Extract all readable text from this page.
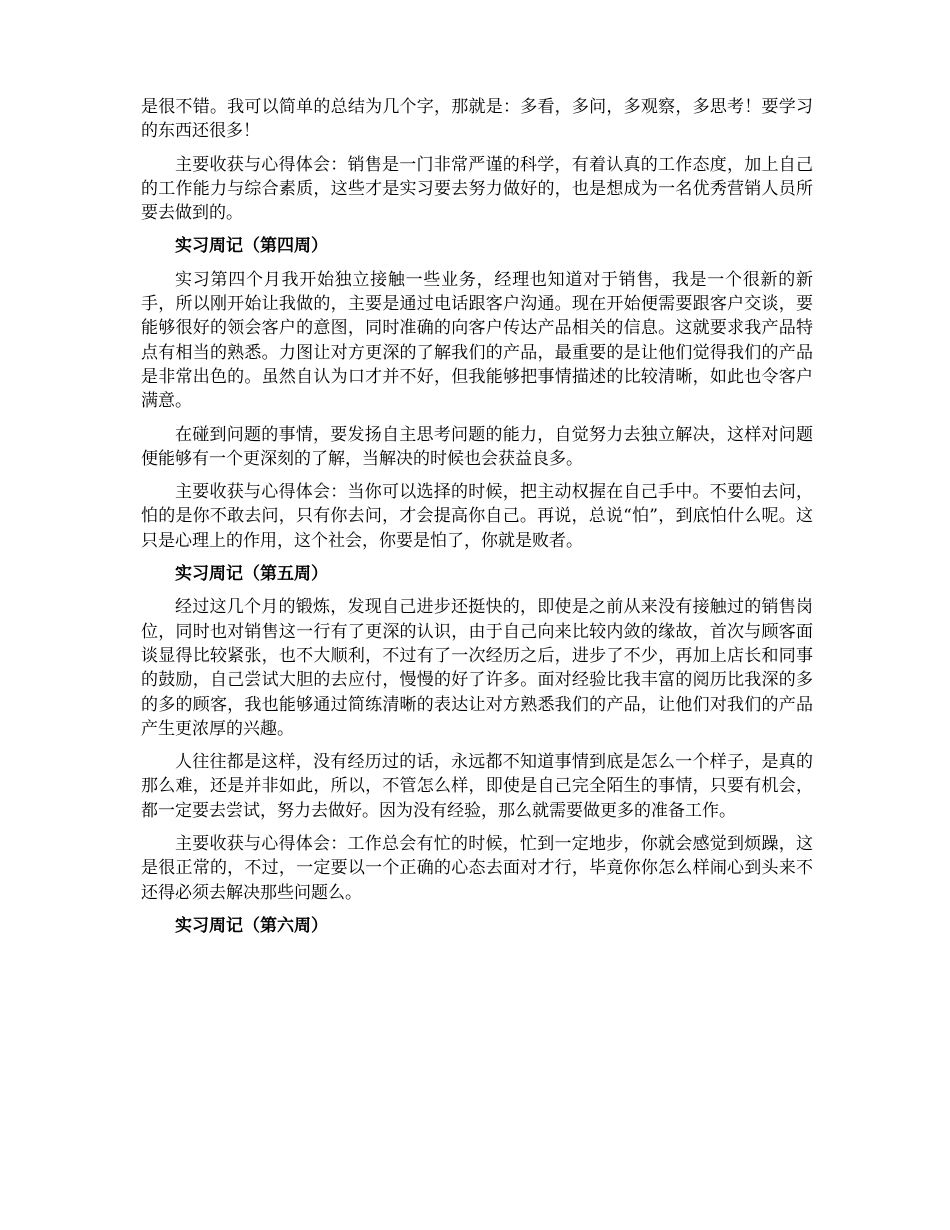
是很不错。我可以简单的总结为几个字，那就是：多看，多问，多观察，多思考！要学习的东西还很多！

主要收获与心得体会：销售是一门非常严谨的科学，有着认真的工作态度，加上自己的工作能力与综合素质，这些才是实习要去努力做好的，也是想成为一名优秀营销人员所要去做到的。

实习周记（第四周）

实习第四个月我开始独立接触一些业务，经理也知道对于销售，我是一个很新的新手，所以刚开始让我做的，主要是通过电话跟客户沟通。现在开始便需要跟客户交谈，要能够很好的领会客户的意图，同时准确的向客户传达产品相关的信息。这就要求我产品特点有相当的熟悉。力图让对方更深的了解我们的产品，最重要的是让他们觉得我们的产品是非常出色的。虽然自认为口才并不好，但我能够把事情描述的比较清晰，如此也令客户满意。

在碰到问题的事情，要发扬自主思考问题的能力，自觉努力去独立解决，这样对问题便能够有一个更深刻的了解，当解决的时候也会获益良多。

主要收获与心得体会：当你可以选择的时候，把主动权握在自己手中。不要怕去问，怕的是你不敢去问，只有你去问，才会提高你自己。再说，总说“怕”，到底怕什么呢。这只是心理上的作用，这个社会，你要是怕了，你就是败者。

实习周记（第五周）

经过这几个月的锻炼，发现自己进步还挺快的，即使是之前从来没有接触过的销售岗位，同时也对销售这一行有了更深的认识，由于自己向来比较内敛的缘故，首次与顾客面谈显得比较紧张，也不大顺利，不过有了一次经历之后，进步了不少，再加上店长和同事的鼓励，自己尝试大胆的去应付，慢慢的好了许多。面对经验比我丰富的阅历比我深的多的多的顾客，我也能够通过简练清晰的表达让对方熟悉我们的产品，让他们对我们的产品产生更浓厚的兴趣。

人往往都是这样，没有经历过的话，永远都不知道事情到底是怎么一个样子，是真的那么难，还是并非如此，所以，不管怎么样，即使是自己完全陌生的事情，只要有机会，都一定要去尝试，努力去做好。因为没有经验，那么就需要做更多的准备工作。

主要收获与心得体会：工作总会有忙的时候，忙到一定地步，你就会感觉到烦躁，这是很正常的，不过，一定要以一个正确的心态去面对才行，毕竟你你怎么样闹心到头来不还得必须去解决那些问题么。

实习周记（第六周）
